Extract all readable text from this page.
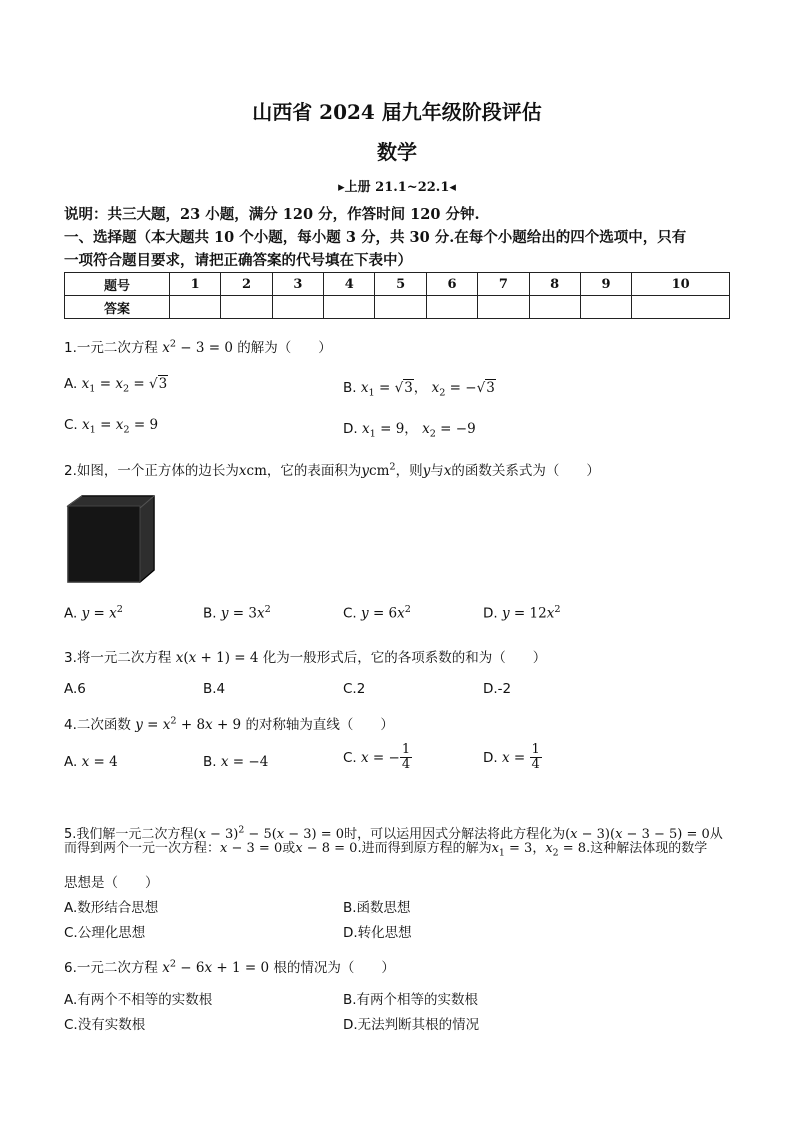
山西省 2024 届九年级阶段评估
数学
▸上册 21.1~22.1◂
说明：共三大题，23 小题，满分 120 分，作答时间 120 分钟.
一、选择题（本大题共 10 个小题，每小题 3 分，共 30 分.在每个小题给出的四个选项中，只有
一项符合题目要求，请把正确答案的代号填在下表中）
题号	1	2	3	4	5	6	7	8	9	10
答案										
1.一元二次方程 $x^2 - 3 = 0$ 的解为（　　）
A. $x_1 = x_2 = √3$	B. $x_1 = √3$， $x_2 = -√3$
C. $x_1 = x_2 = 9$	D. $x_1 = 9$， $x_2 = -9$
2.如图，一个正方体的边长为xcm，它的表面积为ycm$^2$，则y与x的函数关系式为（　　）
A. $y = x^2$	B. $y = 3x^2$	C. $y = 6x^2$	D. $y = 12x^2$
3.将一元二次方程 x(x + 1) = 4 化为一般形式后，它的各项系数的和为（　　）
A.6	B.4	C.2	D.-2
4.二次函数 $y = x^2 + 8x + 9$ 的对称轴为直线（　　）
A. x = 4	B. x = −4	C. x = − $\frac{1}{4}$	D. $x = \frac{1}{4}$
5.我们解一元二次方程$(x - 3)^2 - 5(x - 3) = 0$时，可以运用因式分解法将此方程化为(x − 3)(x − 3 − 5) = 0从
而得到两个一元一次方程：x − 3 = 0或x − 8 = 0.进而得到原方程的解为$x_1 = 3$，$x_2 = 8$.这种解法体现的数学
思想是（　　）
A.数形结合思想	B.函数思想
C.公理化思想	D.转化思想
6.一元二次方程 $x^2 - 6x + 1 = 0$ 根的情况为（　　）
A.有两个不相等的实数根	B.有两个相等的实数根
C.没有实数根	D.无法判断其根的情况
